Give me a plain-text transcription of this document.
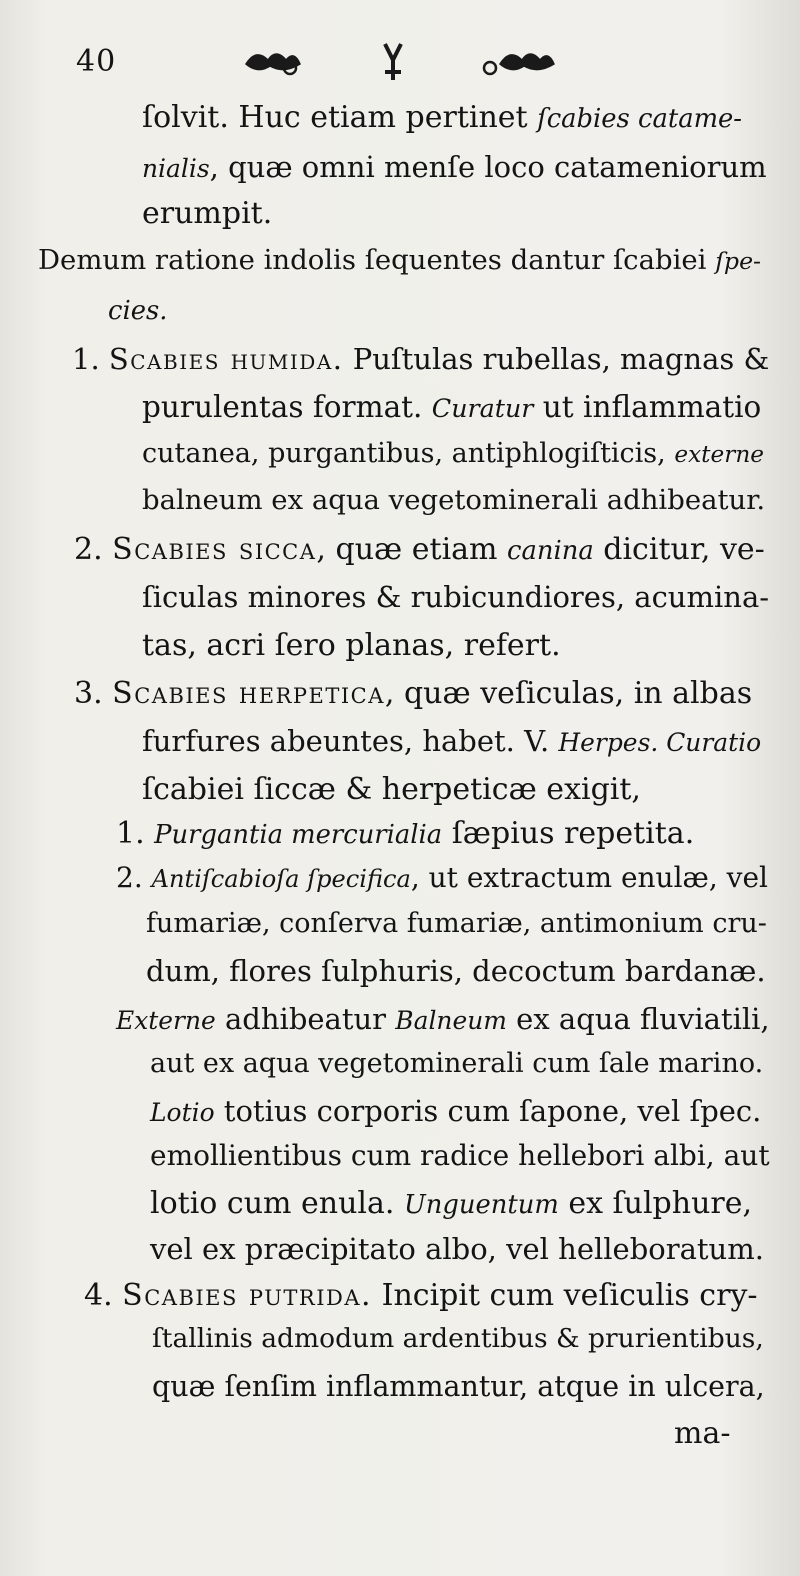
40
ſolvit. Huc etiam pertinet ſcabies catame-
nialis, quæ omni menſe loco catameniorum
erumpit.
Demum ratione indolis ſequentes dantur ſcabiei ſpe-
cies.
1. Scabies humida. Puſtulas rubellas, magnas &
purulentas format. Curatur ut inflammatio
cutanea, purgantibus, antiphlogiſticis, externe
balneum ex aqua vegetominerali adhibeatur.
2. Scabies sicca, quæ etiam canina dicitur, ve-
ſiculas minores & rubicundiores, acumina-
tas, acri ſero planas, refert.
3. Scabies herpetica, quæ veſiculas, in albas
furfures abeuntes, habet. V. Herpes. Curatio
ſcabiei ſiccæ & herpeticæ exigit,
1. Purgantia mercurialia ſæpius repetita.
2. Antiſcabioſa ſpecifica, ut extractum enulæ, vel
fumariæ, conſerva fumariæ, antimonium cru-
dum, flores ſulphuris, decoctum bardanæ.
Externe adhibeatur Balneum ex aqua fluviatili,
aut ex aqua vegetominerali cum ſale marino.
Lotio totius corporis cum ſapone, vel ſpec.
emollientibus cum radice hellebori albi, aut
lotio cum enula. Unguentum ex ſulphure,
vel ex præcipitato albo, vel helleboratum.
4. Scabies putrida. Incipit cum veſiculis cry-
ſtallinis admodum ardentibus & prurientibus,
quæ ſenſim inflammantur, atque in ulcera,
ma-
